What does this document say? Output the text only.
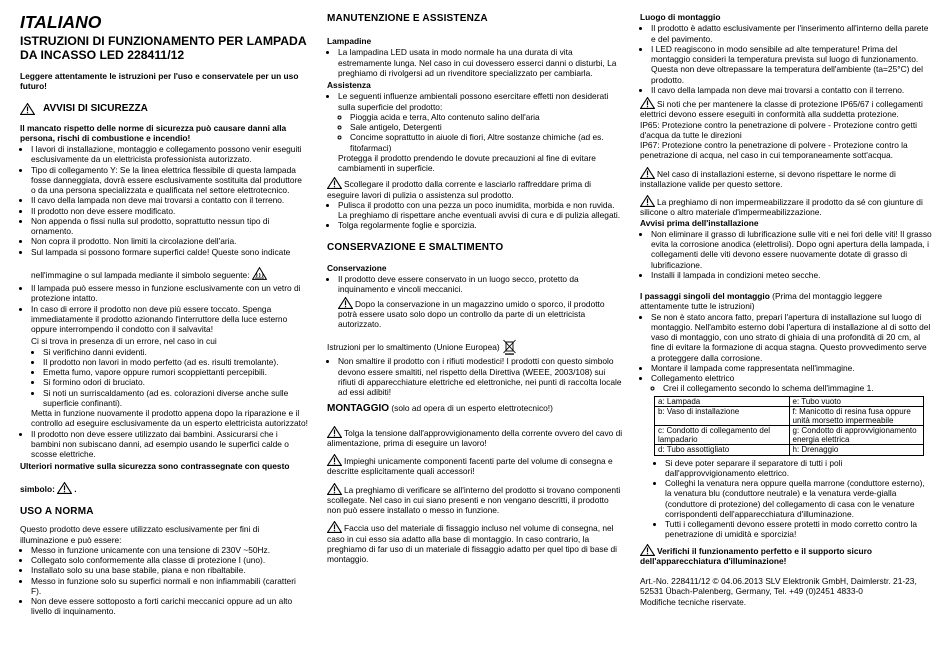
ITALIANO
ISTRUZIONI DI FUNZIONAMENTO PER LAMPADA DA INCASSO LED 228411/12

Leggere attentamente le istruzioni per l'uso e conservatele per un uso futuro!

AVVISI DI SICUREZZA

Il mancato rispetto delle norme di sicurezza può causare danni alla persona, rischi di combustione e incendio!

• I lavori di installazione, montaggio e collegamento possono venir eseguiti esclusivamente da un elettricista professionista autorizzato.
• Tipo di collegamento Y: Se la linea elettrica flessibile di questa lampada fosse danneggiata, dovrà essere esclusivamente sostituita dal produttore o da una persona specializzata e qualificata nel settore elettrotecnico.
• Il cavo della lampada non deve mai trovarsi a contatto con il terreno.
• Il prodotto non deve essere modificato.
• Non appenda o fissi nulla sul prodotto, soprattutto nessun tipo di ornamento.
• Non copra il prodotto. Non limiti la circolazione dell'aria.
• Sul lampada si possono formare superfici calde! Queste sono indicate

nell'immagine o sul lampada mediante il simbolo seguente:
• Il lampada può essere messo in funzione esclusivamente con un vetro di protezione intatto.
• In caso di errore il prodotto non deve più essere toccato. Spenga immediatamente il prodotto azionando l'interruttore della luce esterno oppure interrompendo il condotto con il salvavita!
Ci si trova in presenza di un errore, nel caso in cui
• Si verifichino danni evidenti.
• Il prodotto non lavori in modo perfetto (ad es. risulti tremolante).
• Emetta fumo, vapore oppure rumori scoppiettanti percepibili.
• Si formino odori di bruciato.
• Si noti un surriscaldamento (ad es. colorazioni diverse anche sulle superficie confinanti).
Metta in funzione nuovamente il prodotto appena dopo la riparazione e il controllo ad eseguire esclusivamente da un esperto elettricista autorizzato!
• Il prodotto non deve essere utilizzato dai bambini. Assicurarsi che i bambini non subiscano danni, ad esempio usando le superfici calde o scosse elettriche.

Ulteriori normative sulla sicurezza sono contrassegnate con questo

simbolo: .

USO A NORMA
Questo prodotto deve essere utilizzato esclusivamente per fini di illuminazione e può essere:
• Messo in funzione unicamente con una tensione di 230V ~50Hz.
• Collegato solo conformemente alla classe di protezione I (uno).
• Installato solo su una base stabile, piana e non ribaltabile.
• Messo in funzione solo su superfici normali e non infiammabili (caratteri F).
• Non deve essere sottoposto a forti carichi meccanici oppure ad un alto livello di inquinamento.
MANUTENZIONE E ASSISTENZA
Lampadine
• La lampadina LED usata in modo normale ha una durata di vita estremamente lunga. Nel caso in cui dovessero esserci danni o disturbi, La preghiamo di rivolgersi ad un rivenditore specializzato per cambiarla.
Assistenza
• Le seguenti influenze ambientali possono esercitare effetti non desiderati sulla superficie del prodotto:
◦ Pioggia acida e terra, Alto contenuto salino dell'aria
◦ Sale antigelo, Detergenti
◦ Concime soprattutto in aiuole di fiori, Altre sostanze chimiche (ad es. fitofarmaci)
Protegga il prodotto prendendo le dovute precauzioni al fine di evitare cambiamenti in superficie.

Scollegare il prodotto dalla corrente e lasciarlo raffreddare prima di eseguire lavori di pulizia o assistenza sul prodotto.

• Pulisca il prodotto con una pezza un poco inumidita, morbida e non ruvida. La preghiamo di rispettare anche eventuali avvisi di cura e di pulizia allegati.
• Tolga regolarmente foglie e sporcizia.
CONSERVAZIONE E SMALTIMENTO
Conservazione
• Il prodotto deve essere conservato in un luogo secco, protetto da inquinamento e vincoli meccanici.

Dopo la conservazione in un magazzino umido o sporco, il prodotto potrà essere usato solo dopo un controllo da parte di un elettricista autorizzato.

Istruzioni per lo smaltimento (Unione Europea)
• Non smaltire il prodotto con i rifiuti modestici! I prodotti con questo simbolo devono essere smaltiti, nel rispetto della Direttiva (WEEE, 2003/108) sui rifiuti di apparecchiature elettriche ed elettroniche, nei punti di raccolta locale ad essi adibiti!
MONTAGGIO (solo ad opera di un esperto elettrotecnico!)

Tolga la tensione dall'approvvigionamento della corrente ovvero del cavo di alimentazione, prima di eseguire un lavoro!

Impieghi unicamente componenti facenti parte del volume di consegna e descritte esplicitamente quali accessori!

La preghiamo di verificare se all'interno del prodotto si trovano componenti scollegate. Nel caso in cui siano presenti e non vengano descritti, il prodotto non può essere installato o messo in funzione.

Faccia uso del materiale di fissaggio incluso nel volume di consegna, nel caso in cui esso sia adatto alla base di montaggio. In caso contrario, la preghiamo di far uso di un materiale di fissaggio adatto per quel tipo di base di montaggio.

Luogo di montaggio
• Il prodotto è adatto esclusivamente per l'inserimento all'interno della parete e del pavimento.
• I LED reagiscono in modo sensibile ad alte temperature! Prima del montaggio consideri la temperatura prevista sul luogo di funzionamento. Questa non deve oltrepassare la temperatura dell'ambiente (ta=25°C) del prodotto.
• Il cavo della lampada non deve mai trovarsi a contatto con il terreno.
Si noti che per mantenere la classe di protezione IP65/67 i collegamenti elettrici devono essere eseguiti in conformità alla suddetta protezione.
IP65: Protezione contro la penetrazione di polvere - Protezione contro getti d'acqua da tutte le direzioni

IP67: Protezione contro la penetrazione di polvere - Protezione contro la penetrazione di acqua, nel caso in cui temporaneamente sott'acqua.

Nel caso di installazioni esterne, si devono rispettare le norme di installazione valide per questo settore.

La preghiamo di non impermeabilizzare il prodotto da sé con giunture di silicone o altro materiale d'impermeabilizzazione.
Avvisi prima dell'installazione
• Non eliminare il grasso di lubrificazione sulle viti e nei fori delle viti! Il grasso evita la corrosione anodica (elettrolisi). Dopo ogni apertura della lampada, i collegamenti delle viti devono essere nuovamente dotate di grasso di lubrificazione.
• Installi il lampada in condizioni meteo secche.
I passaggi singoli del montaggio (Prima del montaggio leggere attentamente tutte le istruzioni)
• Se non è stato ancora fatto, prepari l'apertura di installazione sul luogo di montaggio. Nell'ambito esterno dobi l'apertura di installazione al di sotto del vaso di montaggio, con uno strato di ghiaia di una profondità di 20 cm, al fine di evitare la formazione di acqua stagna. Questo provvedimento serve a proteggere dalla corrosione.
• Montare il lampada come rappresentata nell'immagine.
• Collegamento elettrico
◦ Crei il collegamento secondo lo schema dell'immagine 1.
a: Lampada	e: Tubo vuoto
b: Vaso di installazione	f: Manicotto di resina fusa oppure unità morsetto impermeabile
c: Condotto di collegamento del lampadario	g: Condotto di approvvigionamento energia elettrica
d: Tubo assottigliato	h: Drenaggio
• Si deve poter separare il separatore di tutti i poli dall'approvvigionamento elettrico.
• Colleghi la venatura nera oppure quella marrone (conduttore esterno), la venatura blu (conduttore neutrale) e la venatura verde-gialla (conduttore di protezione) del collegamento di casa con le venature corrispondenti dell'apparecchiatura d'illuminazione.
• Tutti i collegamenti devono essere protetti in modo corretto contro la penetrazione di umidità e sporcizia!

Verifichi il funzionamento perfetto e il supporto sicuro dell'apparecchiatura d'illuminazione!

Art.-No. 228411/12 © 04.06.2013 SLV Elektronik GmbH, Daimlerstr. 21-23, 52531 Übach-Palenberg, Germany, Tel. +49 (0)2451 4833-0
Modifiche tecniche riservate.
